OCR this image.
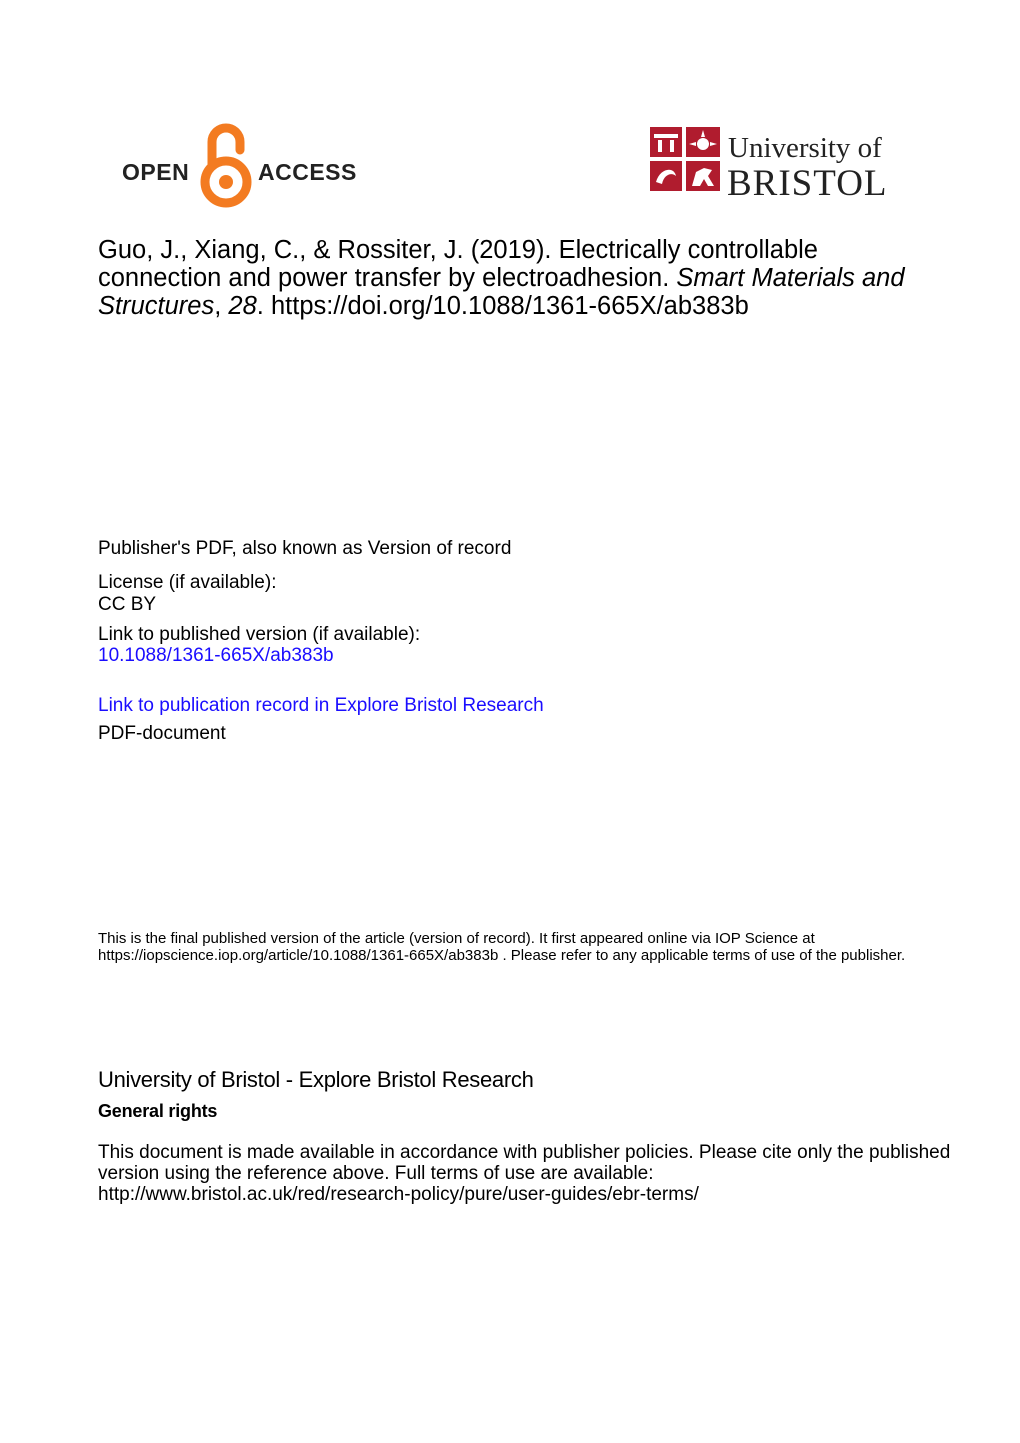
OPEN	ACCESS
University of
BRISTOL
Guo, J., Xiang, C., & Rossiter, J. (2019). Electrically controllable connection and power transfer by electroadhesion. Smart Materials and Structures, 28. https://doi.org/10.1088/1361-665X/ab383b
Publisher's PDF, also known as Version of record
License (if available):
CC BY
Link to published version (if available):
10.1088/1361-665X/ab383b
Link to publication record in Explore Bristol Research
PDF-document
This is the final published version of the article (version of record). It first appeared online via IOP Science at https://iopscience.iop.org/article/10.1088/1361-665X/ab383b . Please refer to any applicable terms of use of the publisher.
University of Bristol - Explore Bristol Research
General rights
This document is made available in accordance with publisher policies. Please cite only the published version using the reference above. Full terms of use are available: http://www.bristol.ac.uk/red/research-policy/pure/user-guides/ebr-terms/
